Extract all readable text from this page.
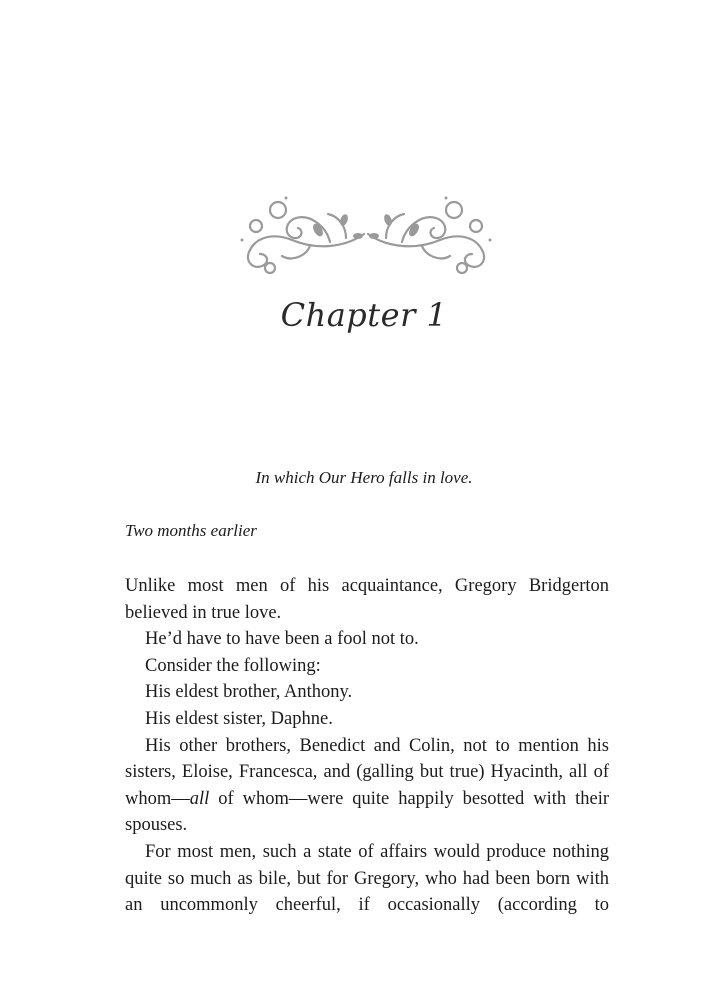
Chapter 1
In which Our Hero falls in love.
Two months earlier

Unlike most men of his acquaintance, Gregory Bridgerton believed in true love.

He’d have to have been a fool not to.

Consider the following:

His eldest brother, Anthony.

His eldest sister, Daphne.

His other brothers, Benedict and Colin, not to mention his sisters, Eloise, Francesca, and (galling but true) Hyacinth, all of whom—all of whom—were quite happily besotted with their spouses.

For most men, such a state of affairs would produce nothing quite so much as bile, but for Gregory, who had been born with an uncommonly cheerful, if occasionally (according to
